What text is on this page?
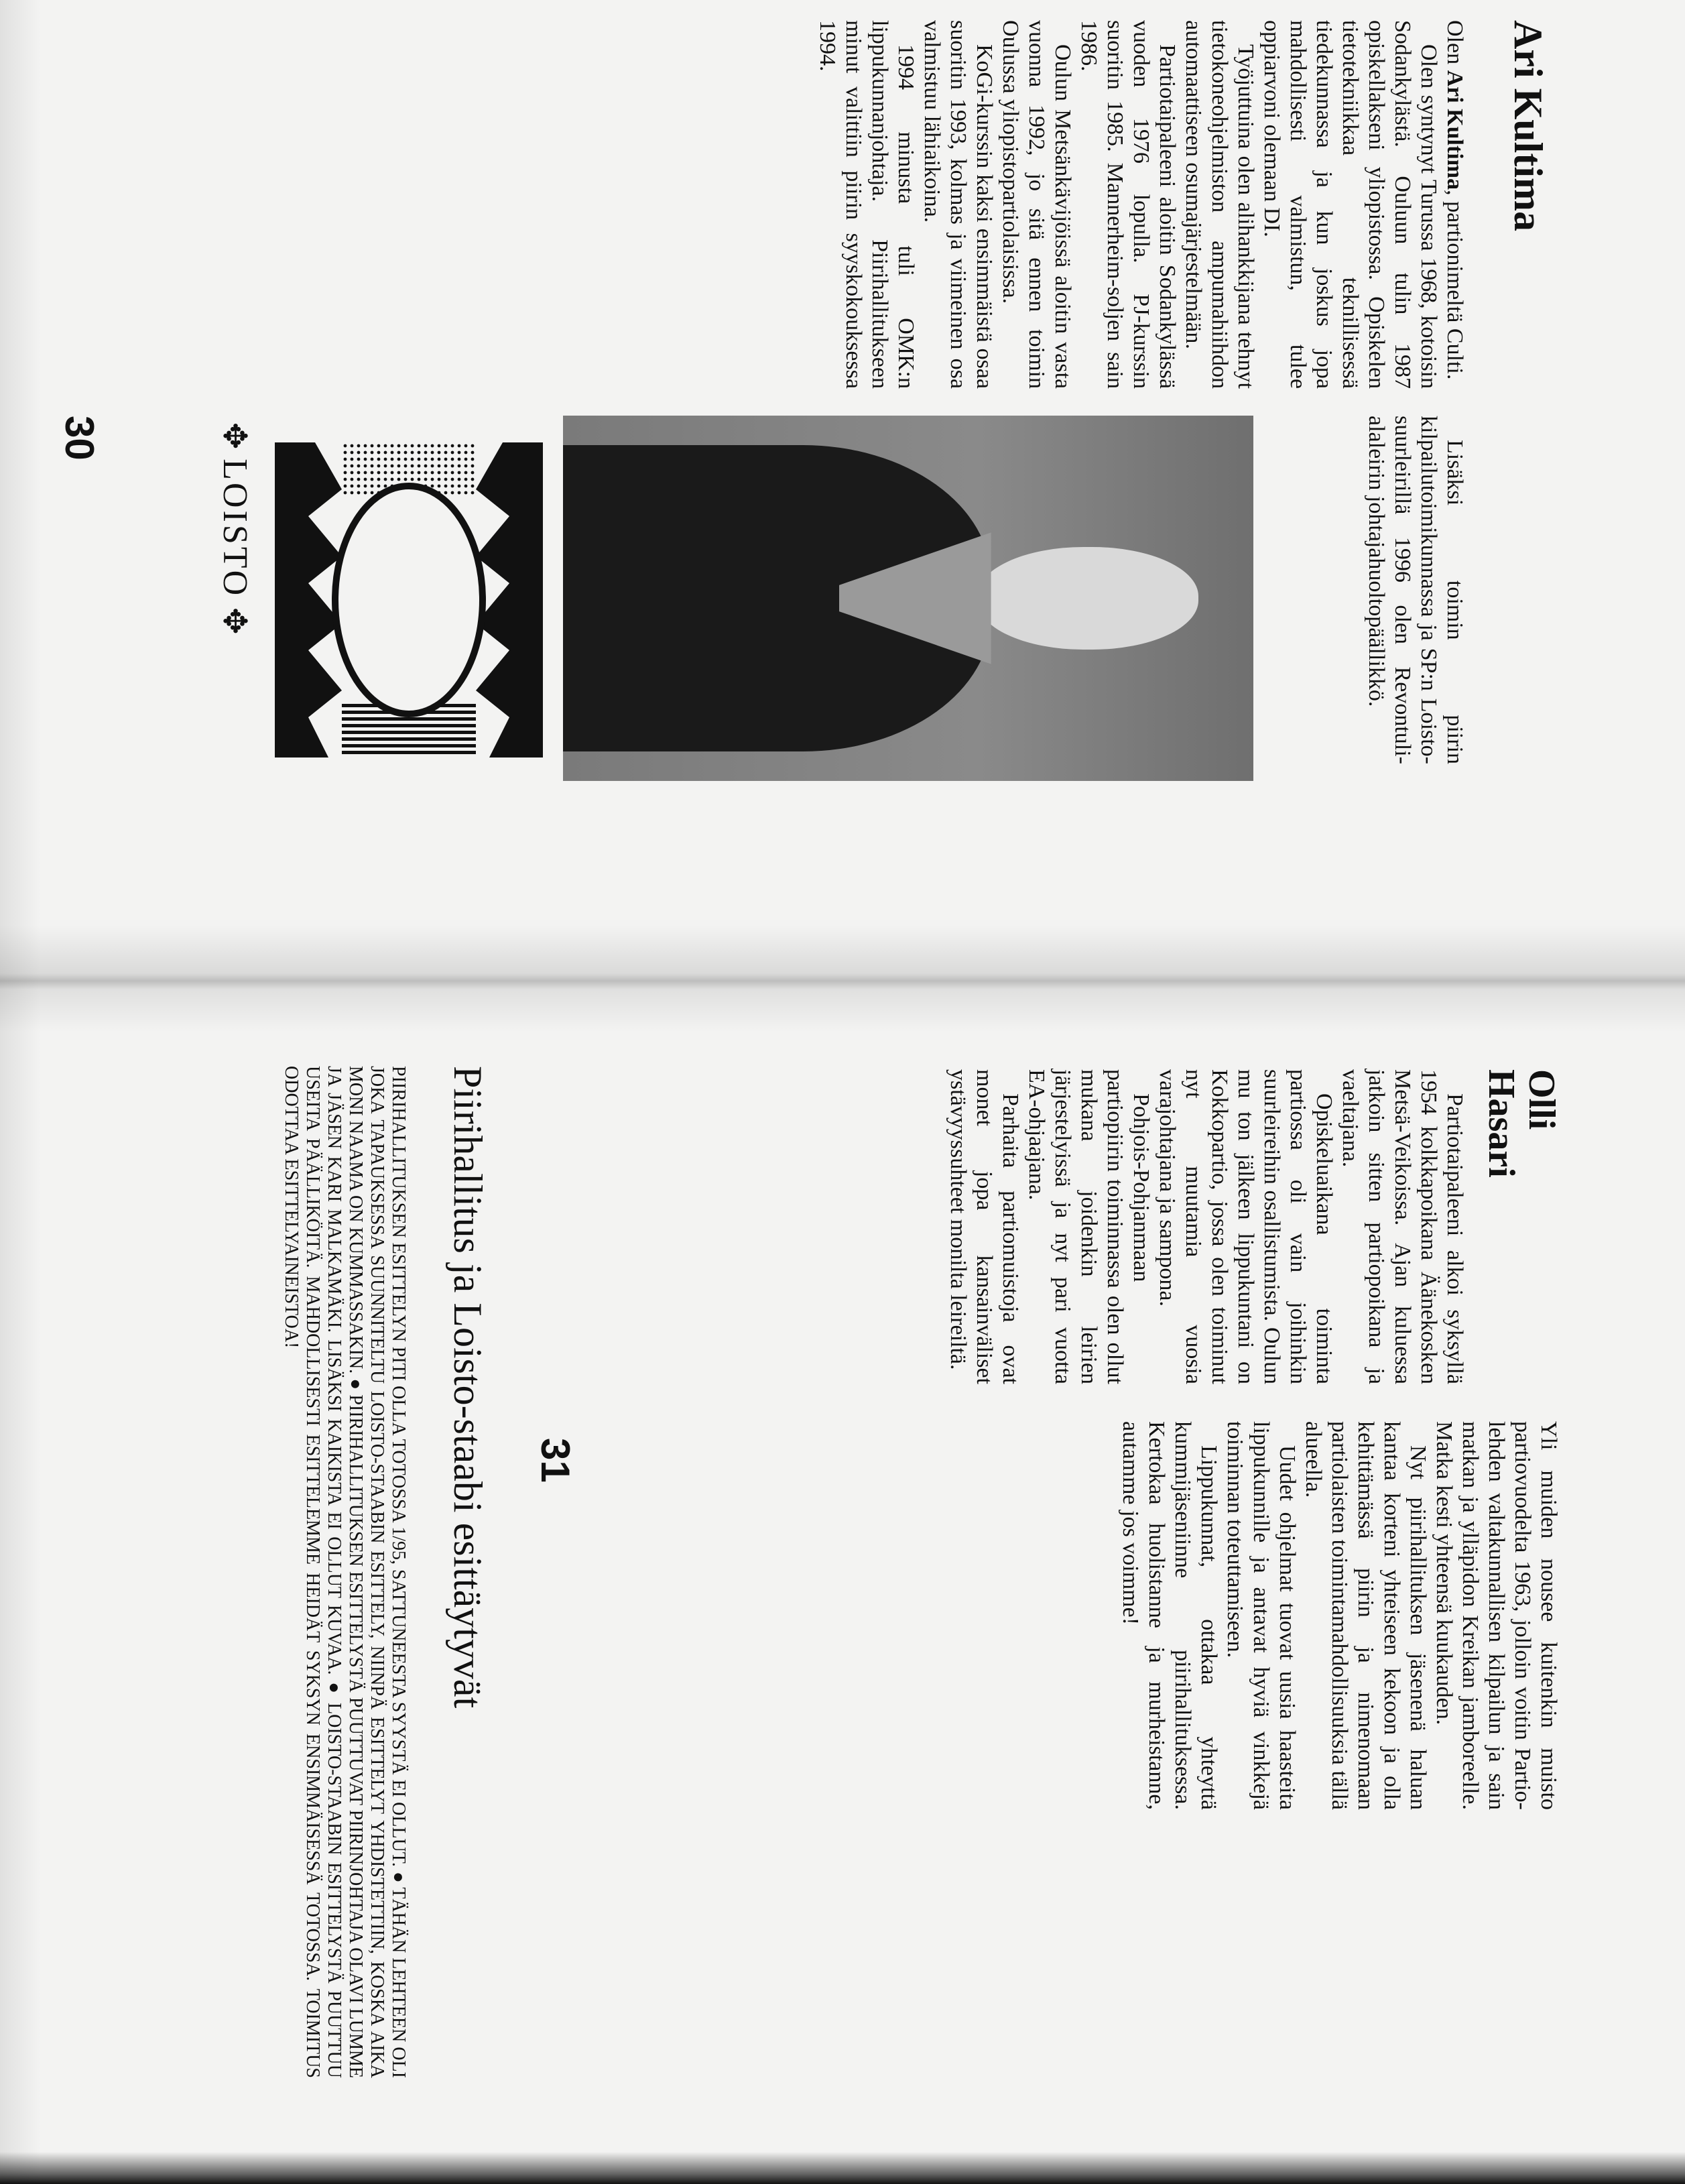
Ari Kultima

Olen Ari Kultima, partionimeltä Culti.

Olen syntynyt Turussa 1968, kotoisin Sodankylästä. Ouluun tulin 1987 opiskellakseni yliopistossa. Opiskelen tietotekniikkaa teknillisessä tiedekunnassa ja kun joskus jopa mahdollisesti valmistun, tulee oppiarvoni olemaan DI.

Työjuttuina olen alihankkijana tehnyt tietokoneohjelmiston ampumahiihdon automaattiseen osumajärjestelmään.

Partiotaipaleeni aloitin Sodankylässä vuoden 1976 lopulla. PJ-kurssin suoritin 1985. Mannerheim-soljen sain 1986.

Oulun Metsänkävijöissä aloitin vasta vuonna 1992, jo sitä ennen toimin Oulussa yliopistopartiolaisissa.

KoGi-kurssin kaksi ensimmäistä osaa suoritin 1993, kolmas ja viimeinen osa valmistuu lähiaikoina.

1994 minusta tuli OMK:n lippukunnanjohtaja. Piirihallitukseen minut valittiin piirin syyskokouksessa 1994.

Lisäksi toimin piirin kilpailutoimikunnassa ja SP:n Loisto-suurleirillä 1996 olen Revontuli-alaleirin johtajahuoltopäällikkö.

✥
LOISTO
✥
30
Olli Hasari

Partiotaipaleeni alkoi syksyllä 1954 kolkkapoikana Äänekosken Metsä-Veikoissa. Ajan kuluessa jatkoin sitten partiopoikana ja vaeltajana.

Opiskeluaikana toiminta partiossa oli vain joihinkin suurleireihin osallistumista. Oulun mu ton jälkeen lippukuntani on Kokkopartio, jossa olen toiminut nyt muutamia vuosia varajohtajana ja sampona.

Pohjois-Pohjanmaan partiopiirin toiminnassa olen ollut mukana joidenkin leirien järjestelyissä ja nyt pari vuotta EA-ohjaajana.

Parhaita partiomuistoja ovat monet jopa kansainväliset ystävyyssuhteet monilta leireiltä.

Yli muiden nousee kuitenkin muisto partiovuodelta 1963, jolloin voitin Partio-lehden valtakunnallisen kilpailun ja sain matkan ja ylläpidon Kreikan jamboreelle. Matka kesti yhteensä kuukauden.

Nyt piirihallituksen jäsenenä haluan kantaa korteni yhteiseen kekoon ja olla kehittämässä piirin ja nimenomaan partiolaisten toimintamahdollisuuksia tällä alueella.

Uudet ohjelmat tuovat uusia haasteita lippukunnille ja antavat hyviä vinkkejä toiminnan toteuttamiseen.

Lippukunnat, ottakaa yhteyttä kummijäseniinne piirihallituksessa. Kertokaa huolistanne ja murheistanne, autamme jos voimme!

31
Piirihallitus ja Loisto-staabi esittäytyvät
PIIRIHALLITUKSEN ESITTELYN PITI OLLA TOTOSSA 1/95, SATTUNEESTA SYYSTÄ EI OLLUT. ● TÄHÄN LEHTEEN OLI JOKA TAPAUKSESSA SUUNNITELTU LOISTO-STAABIN ESITTELY, NIINPÄ ESITTELYT YHDISTETTIIN, KOSKA AIKA MONI NAAMA ON KUMMASSAKIN. ● PIIRIHALLITUKSEN ESITTELYSTÄ PUUTTUVAT PIIRINJOHTAJA OLAVI LUMME JA JÄSEN KARI MALKAMÄKI. LISÄKSI KAIKISTA EI OLLUT KUVAA. ● LOISTO-STAABIN ESITTELYSTÄ PUUTTUU USEITA PÄÄLLIKÖITÄ. MAHDOLLISESTI ESITTELEMME HEIDÄT SYKSYN ENSIMMÄISESSÄ TOTOSSA. TOIMITUS ODOTTAA ESITTELYAINEISTOA!
